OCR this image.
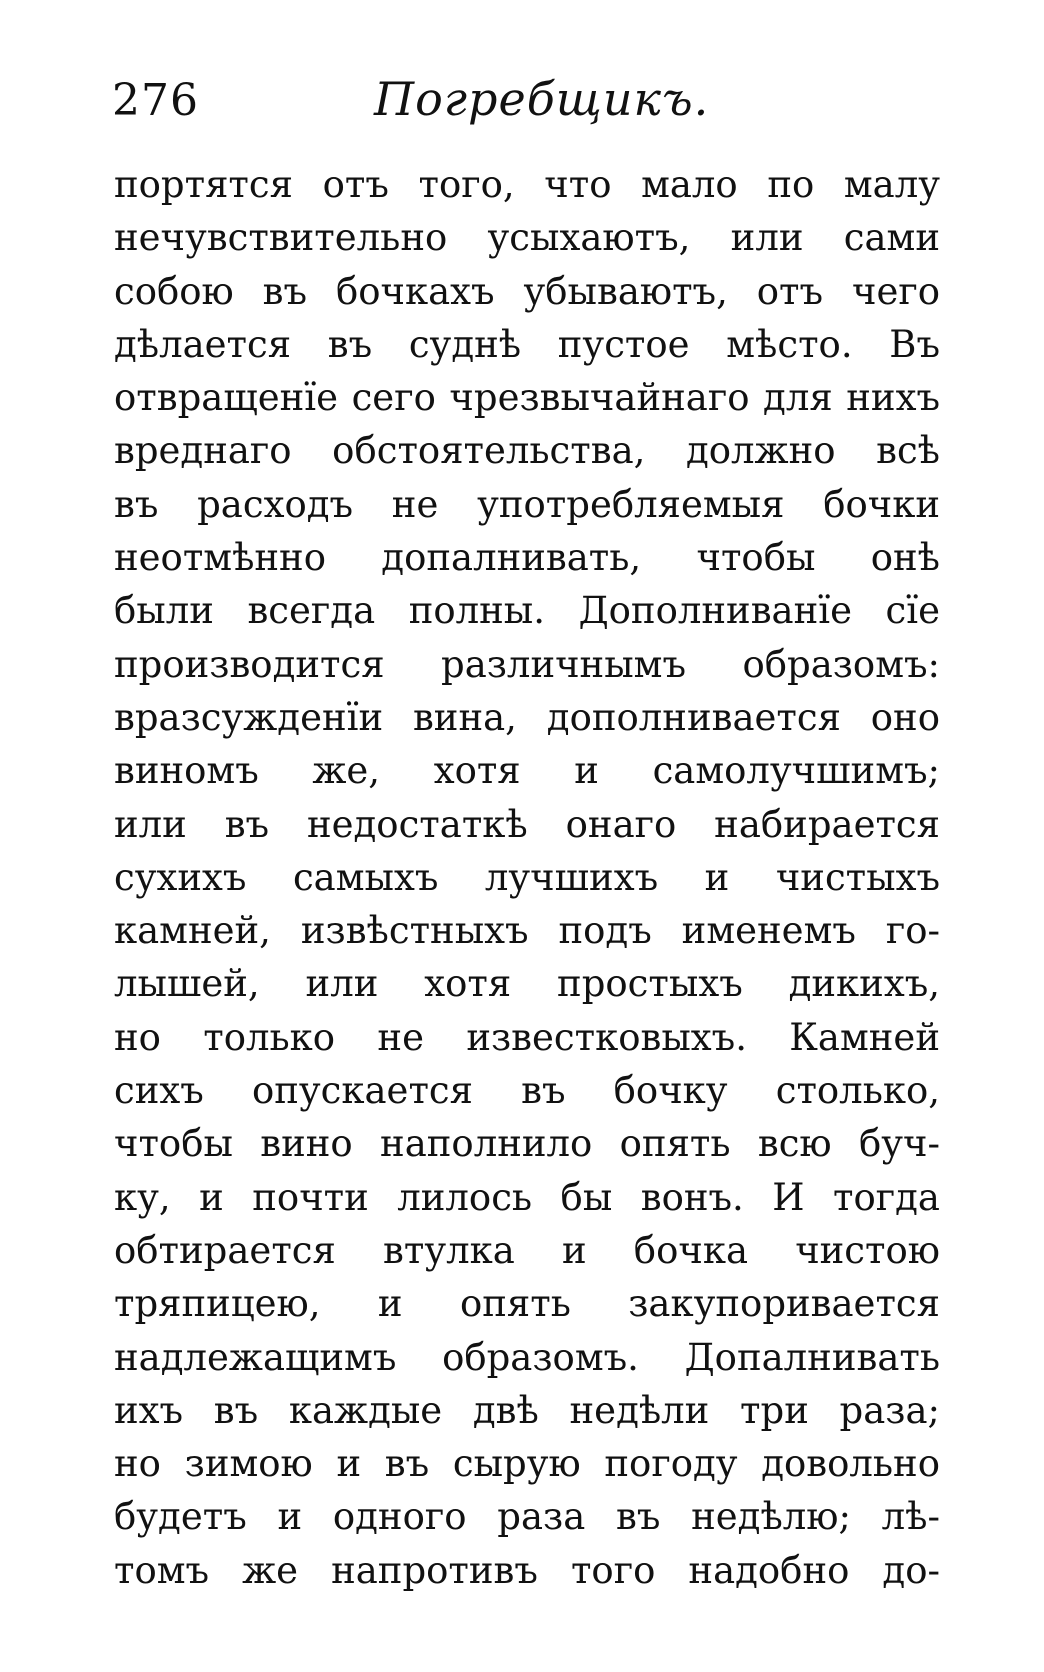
276	Погребщикъ.
портятся отъ того, что мало по малу
нечувствительно усыхаютъ, или сами
собою въ бочкахъ убываютъ, отъ чего
дѣлается въ суднѣ пустое мѣсто. Въ
отвращенїе сего чрезвычайнаго для нихъ
вреднаго обстоятельства, должно всѣ
въ расходъ не употребляемыя бочки
неотмѣнно допалнивать, чтобы онѣ
были всегда полны. Дополниванїе сїе
производится различнымъ образомъ:
вразсужденїи вина, дополнивается оно
виномъ же, хотя и самолучшимъ;
или въ недостаткѣ онаго набирается
сухихъ самыхъ лучшихъ и чистыхъ
камней, извѣстныхъ подъ именемъ го-
лышей, или хотя простыхъ дикихъ,
но только не известковыхъ. Камней
сихъ опускается въ бочку столько,
чтобы вино наполнило опять всю буч-
ку, и почти лилось бы вонъ. И тогда
обтирается втулка и бочка чистою
тряпицею, и опять закупоривается
надлежащимъ образомъ. Допалнивать
ихъ въ каждые двѣ недѣли три раза;
но зимою и въ сырую погоду довольно
будетъ и одного раза въ недѣлю; лѣ-
томъ же напротивъ того надобно до-
